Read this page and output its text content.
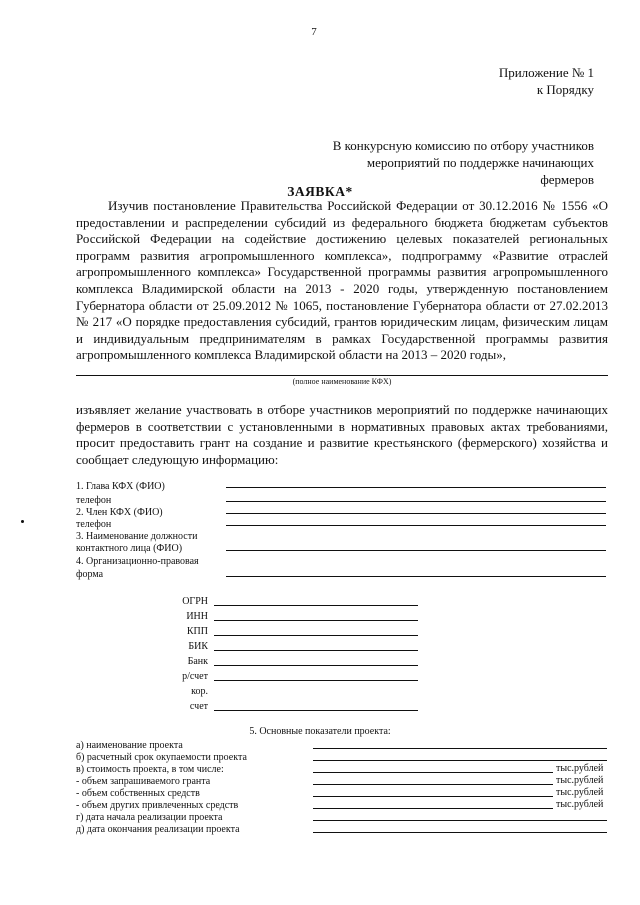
7
Приложение № 1
к Порядку
В конкурсную комиссию по отбору участников
мероприятий по поддержке начинающих
фермеров
ЗАЯВКА*
Изучив постановление Правительства Российской Федерации от 30.12.2016 № 1556 «О предоставлении и распределении субсидий из федерального бюджета бюджетам субъектов Российской Федерации на содействие достижению целевых показателей региональных программ развития агропромышленного комплекса», подпрограмму «Развитие отраслей агропромышленного комплекса» Государственной программы развития агропромышленного комплекса Владимирской области на 2013 - 2020 годы, утвержденную постановлением Губернатора области от 25.09.2012 № 1065, постановление Губернатора области от 27.02.2013 № 217 «О порядке предоставления субсидий, грантов юридическим лицам, физическим лицам и индивидуальным предпринимателям в рамках Государственной программы развития агропромышленного комплекса Владимирской области на 2013 – 2020 годы»,
(полное наименование КФХ)
изъявляет желание участвовать в отборе участников мероприятий по поддержке начинающих фермеров в соответствии с установленными в нормативных правовых актах требованиями, просит предоставить грант на создание и развитие крестьянского (фермерского) хозяйства и сообщает следующую информацию:
1. Глава КФХ (ФИО)
телефон
2. Член КФХ (ФИО)
телефон
3. Наименование должности
контактного лица (ФИО)
4. Организационно-правовая
форма
ОГРН
ИНН
КПП
БИК
Банк
р/счет
кор.
счет
5. Основные показатели проекта:
а) наименование проекта
б) расчетный срок окупаемости проекта
в) стоимость проекта, в том числе:	тыс.рублей
- объем запрашиваемого гранта	тыс.рублей
- объем собственных средств	тыс.рублей
- объем других привлеченных средств	тыс.рублей
г) дата начала реализации проекта
д) дата окончания реализации проекта
